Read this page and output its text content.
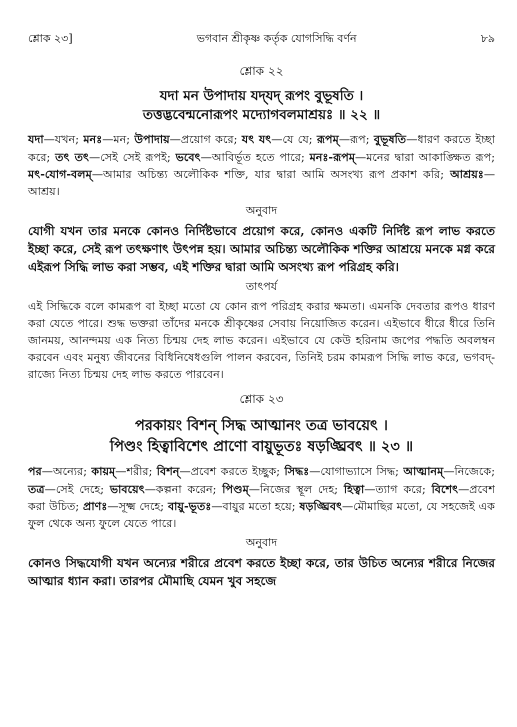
শ্লোক ২৩]	ভগবান শ্রীকৃষ্ণ কর্তৃক যোগসিদ্ধি বর্ণন	৮৯
শ্লোক ২২
যদা মন উপাদায় যদ্‌যদ্ রূপং বুভূষতি ।
তত্তদ্ভবেন্মনোরূপং মদ্যোগবলমাশ্রয়ঃ ॥ ২২ ॥
যদা—যখন; মনঃ—মন; উপাদায়—প্রয়োগ করে; যৎ যৎ—যে যে; রূপম্—রূপ; বুভূষতি—ধারণ করতে ইচ্ছা করে; তৎ তৎ—সেই সেই রূপই; ভবেৎ—আবির্ভূত হতে পারে; মনঃ-রূপম্—মনের দ্বারা আকাঙ্ক্ষিত রূপ; মৎ-যোগ-বলম্—আমার অচিন্ত্য অলৌকিক শক্তি, যার দ্বারা আমি অসংখ্য রূপ প্রকাশ করি; আশ্রয়ঃ—আশ্রয়।
অনুবাদ
যোগী যখন তার মনকে কোনও নির্দিষ্টভাবে প্রয়োগ করে, কোনও একটি নির্দিষ্ট রূপ লাভ করতে ইচ্ছা করে, সেই রূপ তৎক্ষণাৎ উৎপন্ন হয়। আমার অচিন্ত্য অলৌকিক শক্তির আশ্রয়ে মনকে মগ্ন করে এইরূপ সিদ্ধি লাভ করা সম্ভব, এই শক্তির দ্বারা আমি অসংখ্য রূপ পরিগ্রহ করি।
তাৎপর্য
এই সিদ্ধিকে বলে কামরূপ বা ইচ্ছা মতো যে কোন রূপ পরিগ্রহ করার ক্ষমতা। এমনকি দেবতার রূপও ধারণ করা যেতে পারে। শুদ্ধ ভক্তরা তাঁদের মনকে শ্রীকৃষ্ণের সেবায় নিয়োজিত করেন। এইভাবে ধীরে ধীরে তিনি জানময়, আনন্দময় এক নিত্য চিন্ময় দেহ লাভ করেন। এইভাবে যে কেউ হরিনাম জপের পদ্ধতি অবলম্বন করবেন এবং মনুষ্য জীবনের বিধিনিষেধগুলি পালন করবেন, তিনিই চরম কামরূপ সিদ্ধি লাভ করে, ভগবদ্-রাজ্যে নিত্য চিন্ময় দেহ লাভ করতে পারবেন।
শ্লোক ২৩
পরকায়ং বিশন্ সিদ্ধ আত্মানং তত্র ভাবয়েৎ ।
পিণ্ডং হিত্বাবিশেৎ প্রাণো বায়ুভূতঃ ষড়ঙ্ঘ্রিবৎ ॥ ২৩ ॥
পর—অন্যের; কায়ম্—শরীর; বিশন্—প্রবেশ করতে ইচ্ছুক; সিদ্ধঃ—যোগাভ্যাসে সিদ্ধ; আত্মানম্—নিজেকে; তত্র—সেই দেহে; ভাবয়েৎ—কল্পনা করেন; পিণ্ডম্—নিজের স্থূল দেহ; হিত্বা—ত্যাগ করে; বিশেৎ—প্রবেশ করা উচিত; প্রাণঃ—সূক্ষ্ম দেহে; বায়ু-ভূতঃ—বায়ুর মতো হয়ে; ষড়ঙ্ঘ্রিবৎ—মৌমাছির মতো, যে সহজেই এক ফুল থেকে অন্য ফুলে যেতে পারে।
অনুবাদ
কোনও সিদ্ধযোগী যখন অন্যের শরীরে প্রবেশ করতে ইচ্ছা করে, তার উচিত অন্যের শরীরে নিজের আত্মার ধ্যান করা। তারপর মৌমাছি যেমন খুব সহজে
